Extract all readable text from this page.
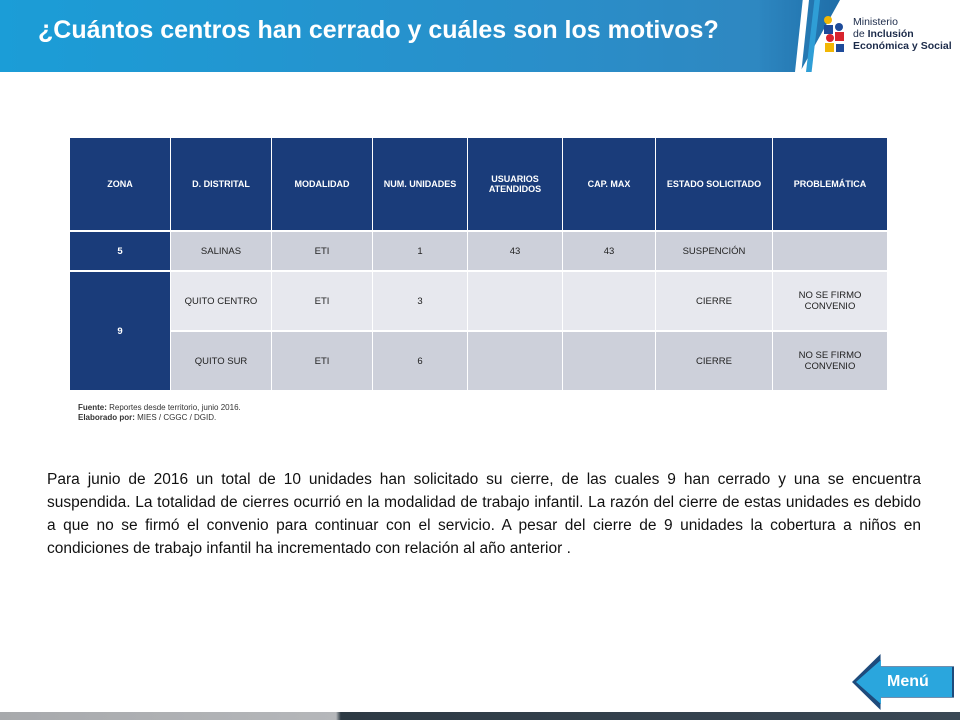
¿Cuántos centros han cerrado y cuáles son los motivos?	Ministerio
de Inclusión
Económica y Social
ZONA	D. DISTRITAL	MODALIDAD	NUM. UNIDADES	USUARIOS ATENDIDOS	CAP. MAX	ESTADO SOLICITADO	PROBLEMÁTICA
5	SALINAS	ETI	1	43	43	SUSPENCIÓN	
9	QUITO CENTRO	ETI	3			CIERRE	NO SE FIRMO CONVENIO
	QUITO SUR	ETI	6			CIERRE	NO SE FIRMO CONVENIO
Fuente: Reportes desde territorio, junio 2016.
Elaborado por: MIES / CGGC / DGID.

Para junio de 2016 un total de 10 unidades han solicitado su cierre, de las cuales 9 han cerrado y una se encuentra suspendida. La totalidad de cierres ocurrió en la modalidad de trabajo infantil. La razón del cierre de estas unidades es debido a que no se firmó el convenio para continuar con el servicio. A pesar del cierre de 9 unidades la cobertura a niños en condiciones de trabajo infantil ha incrementado con relación al año anterior .

Menú
